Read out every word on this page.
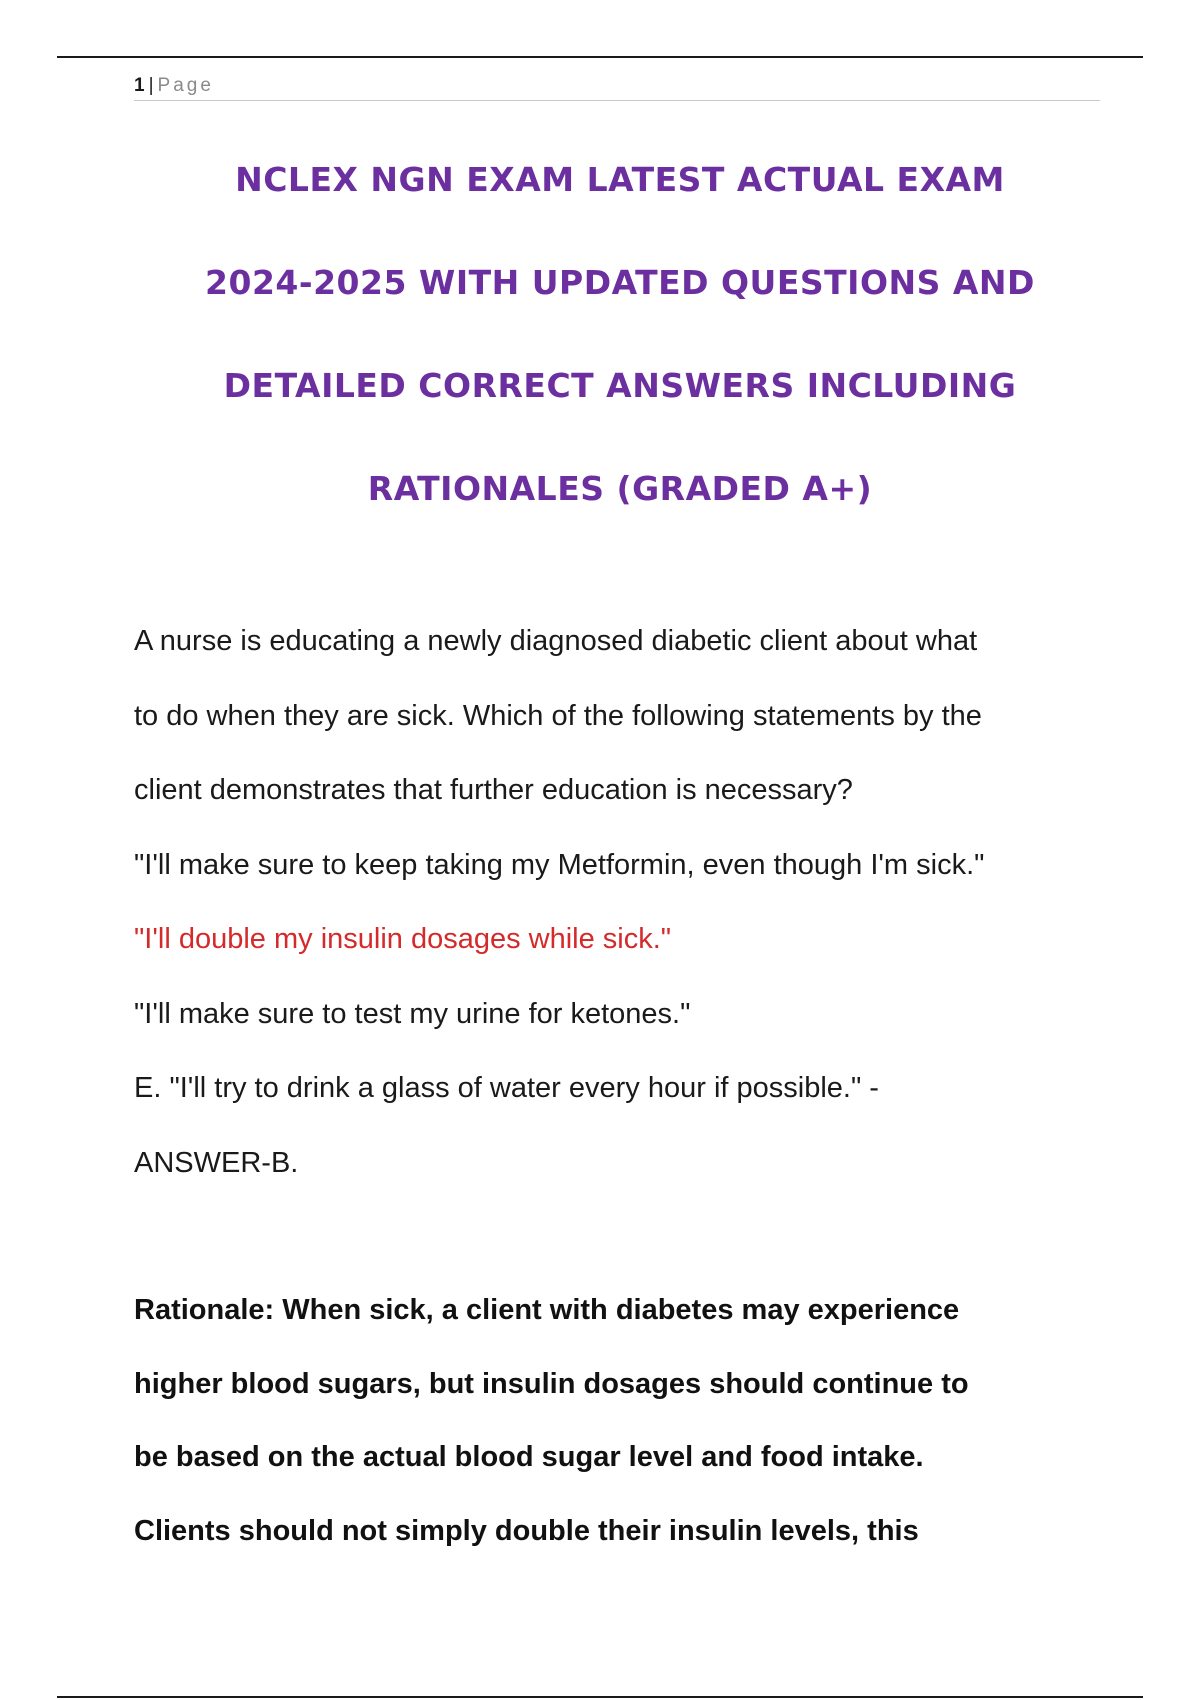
1 | Page
NCLEX NGN EXAM LATEST ACTUAL EXAM
2024-2025 WITH UPDATED QUESTIONS AND
DETAILED CORRECT ANSWERS INCLUDING
RATIONALES (GRADED A+)
A nurse is educating a newly diagnosed diabetic client about what
to do when they are sick. Which of the following statements by the
client demonstrates that further education is necessary?
"I'll make sure to keep taking my Metformin, even though I'm sick."
"I'll double my insulin dosages while sick."
"I'll make sure to test my urine for ketones."
E. "I'll try to drink a glass of water every hour if possible." -
ANSWER-B.
Rationale: When sick, a client with diabetes may experience
higher blood sugars, but insulin dosages should continue to
be based on the actual blood sugar level and food intake.
Clients should not simply double their insulin levels, this
